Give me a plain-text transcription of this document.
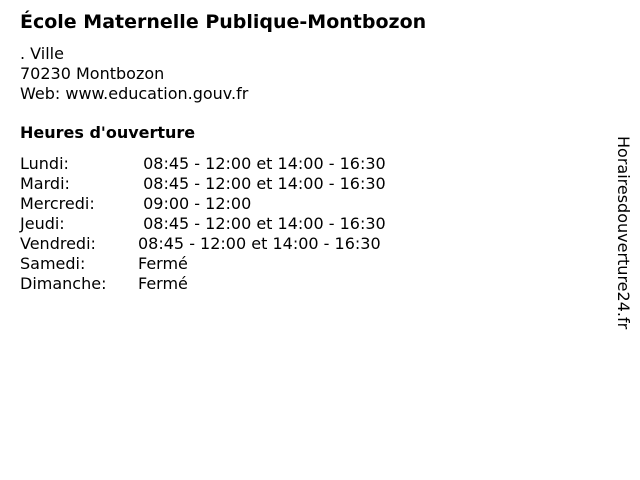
École Maternelle Publique-Montbozon
. Ville
70230 Montbozon
Web: www.education.gouv.fr
Heures d'ouverture
Lundi:	08:45 - 12:00 et 14:00 - 16:30
Mardi:	08:45 - 12:00 et 14:00 - 16:30
Mercredi:	09:00 - 12:00
Jeudi:	08:45 - 12:00 et 14:00 - 16:30
Vendredi:	08:45 - 12:00 et 14:00 - 16:30
Samedi:	Fermé
Dimanche:	Fermé	Horairesdouverture24.fr
